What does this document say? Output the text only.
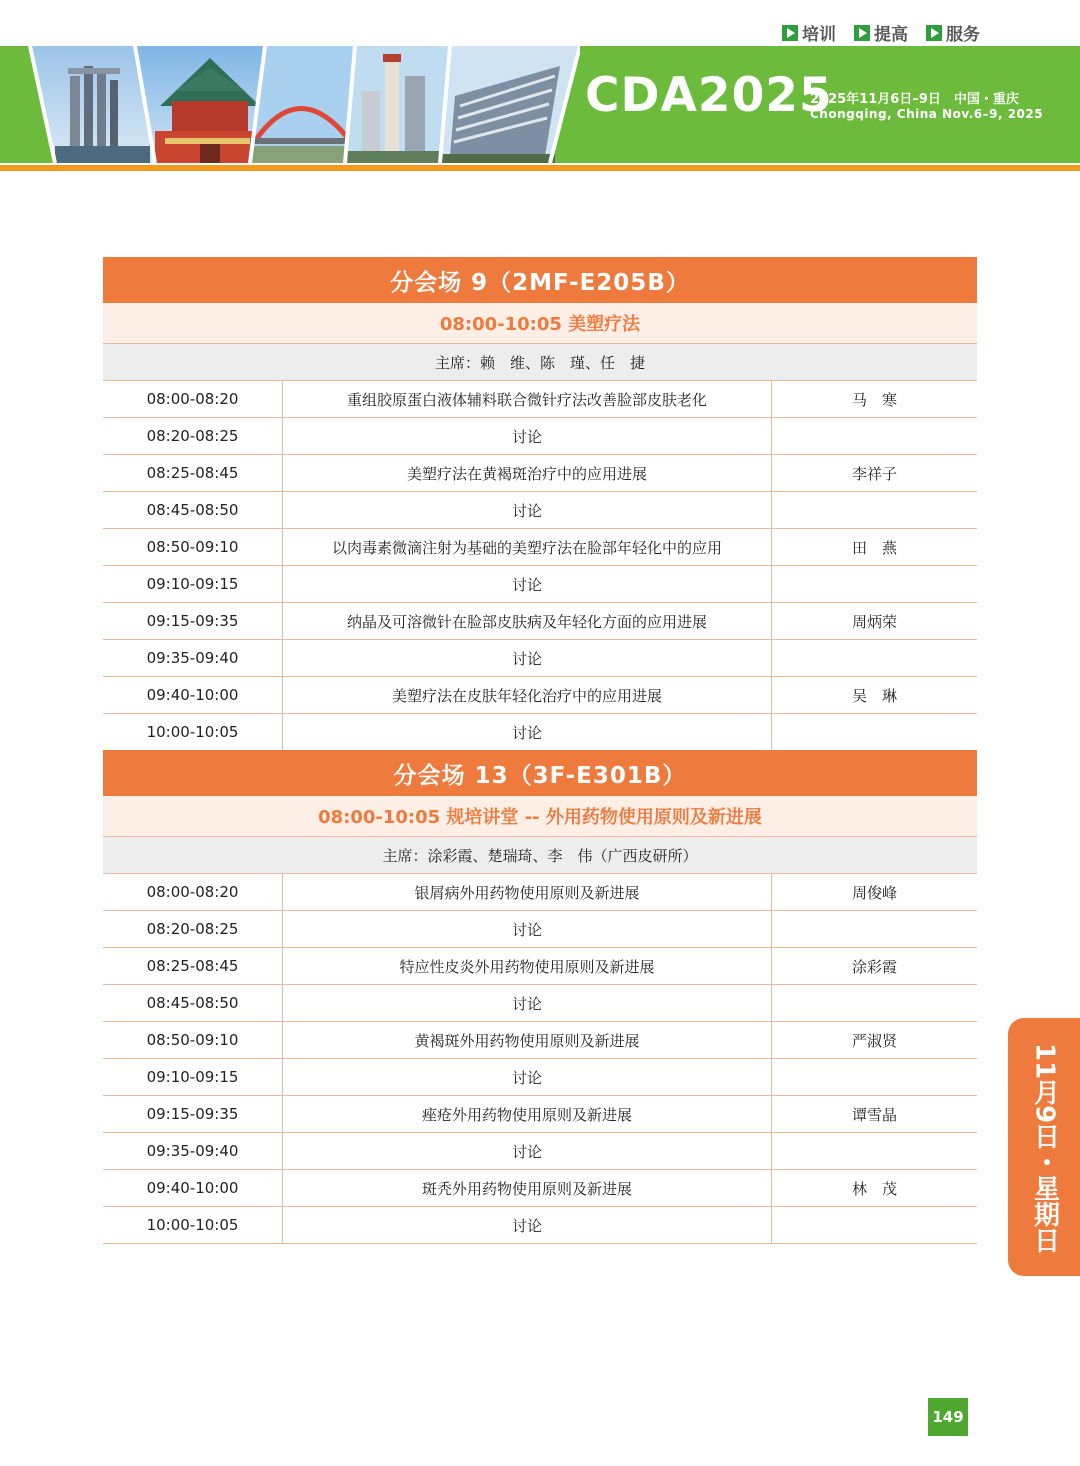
培训 提高 服务
CDA2025
2025年11月6日–9日　中国・重庆
Chongqing, China Nov.6–9, 2025
分会场 9（2MF-E205B）
08:00-10:05 美塑疗法
主席：赖　维、陈　瑾、任　捷
08:00-08:20	重组胶原蛋白液体辅料联合微针疗法改善脸部皮肤老化	马　寒
08:20-08:25	讨论
08:25-08:45	美塑疗法在黄褐斑治疗中的应用进展	李祥子
08:45-08:50	讨论
08:50-09:10	以肉毒素微滴注射为基础的美塑疗法在脸部年轻化中的应用	田　燕
09:10-09:15	讨论
09:15-09:35	纳晶及可溶微针在脸部皮肤病及年轻化方面的应用进展	周炳荣
09:35-09:40	讨论
09:40-10:00	美塑疗法在皮肤年轻化治疗中的应用进展	吴　琳
10:00-10:05	讨论
分会场 13（3F-E301B）
08:00-10:05 规培讲堂 -- 外用药物使用原则及新进展
主席：涂彩霞、楚瑞琦、李　伟（广西皮研所）
08:00-08:20	银屑病外用药物使用原则及新进展	周俊峰
08:20-08:25	讨论
08:25-08:45	特应性皮炎外用药物使用原则及新进展	涂彩霞
08:45-08:50	讨论
08:50-09:10	黄褐斑外用药物使用原则及新进展	严淑贤
09:10-09:15	讨论
09:15-09:35	痤疮外用药物使用原则及新进展	谭雪晶
09:35-09:40	讨论
09:40-10:00	斑秃外用药物使用原则及新进展	林　茂
10:00-10:05	讨论	11月9日・星期日
149
